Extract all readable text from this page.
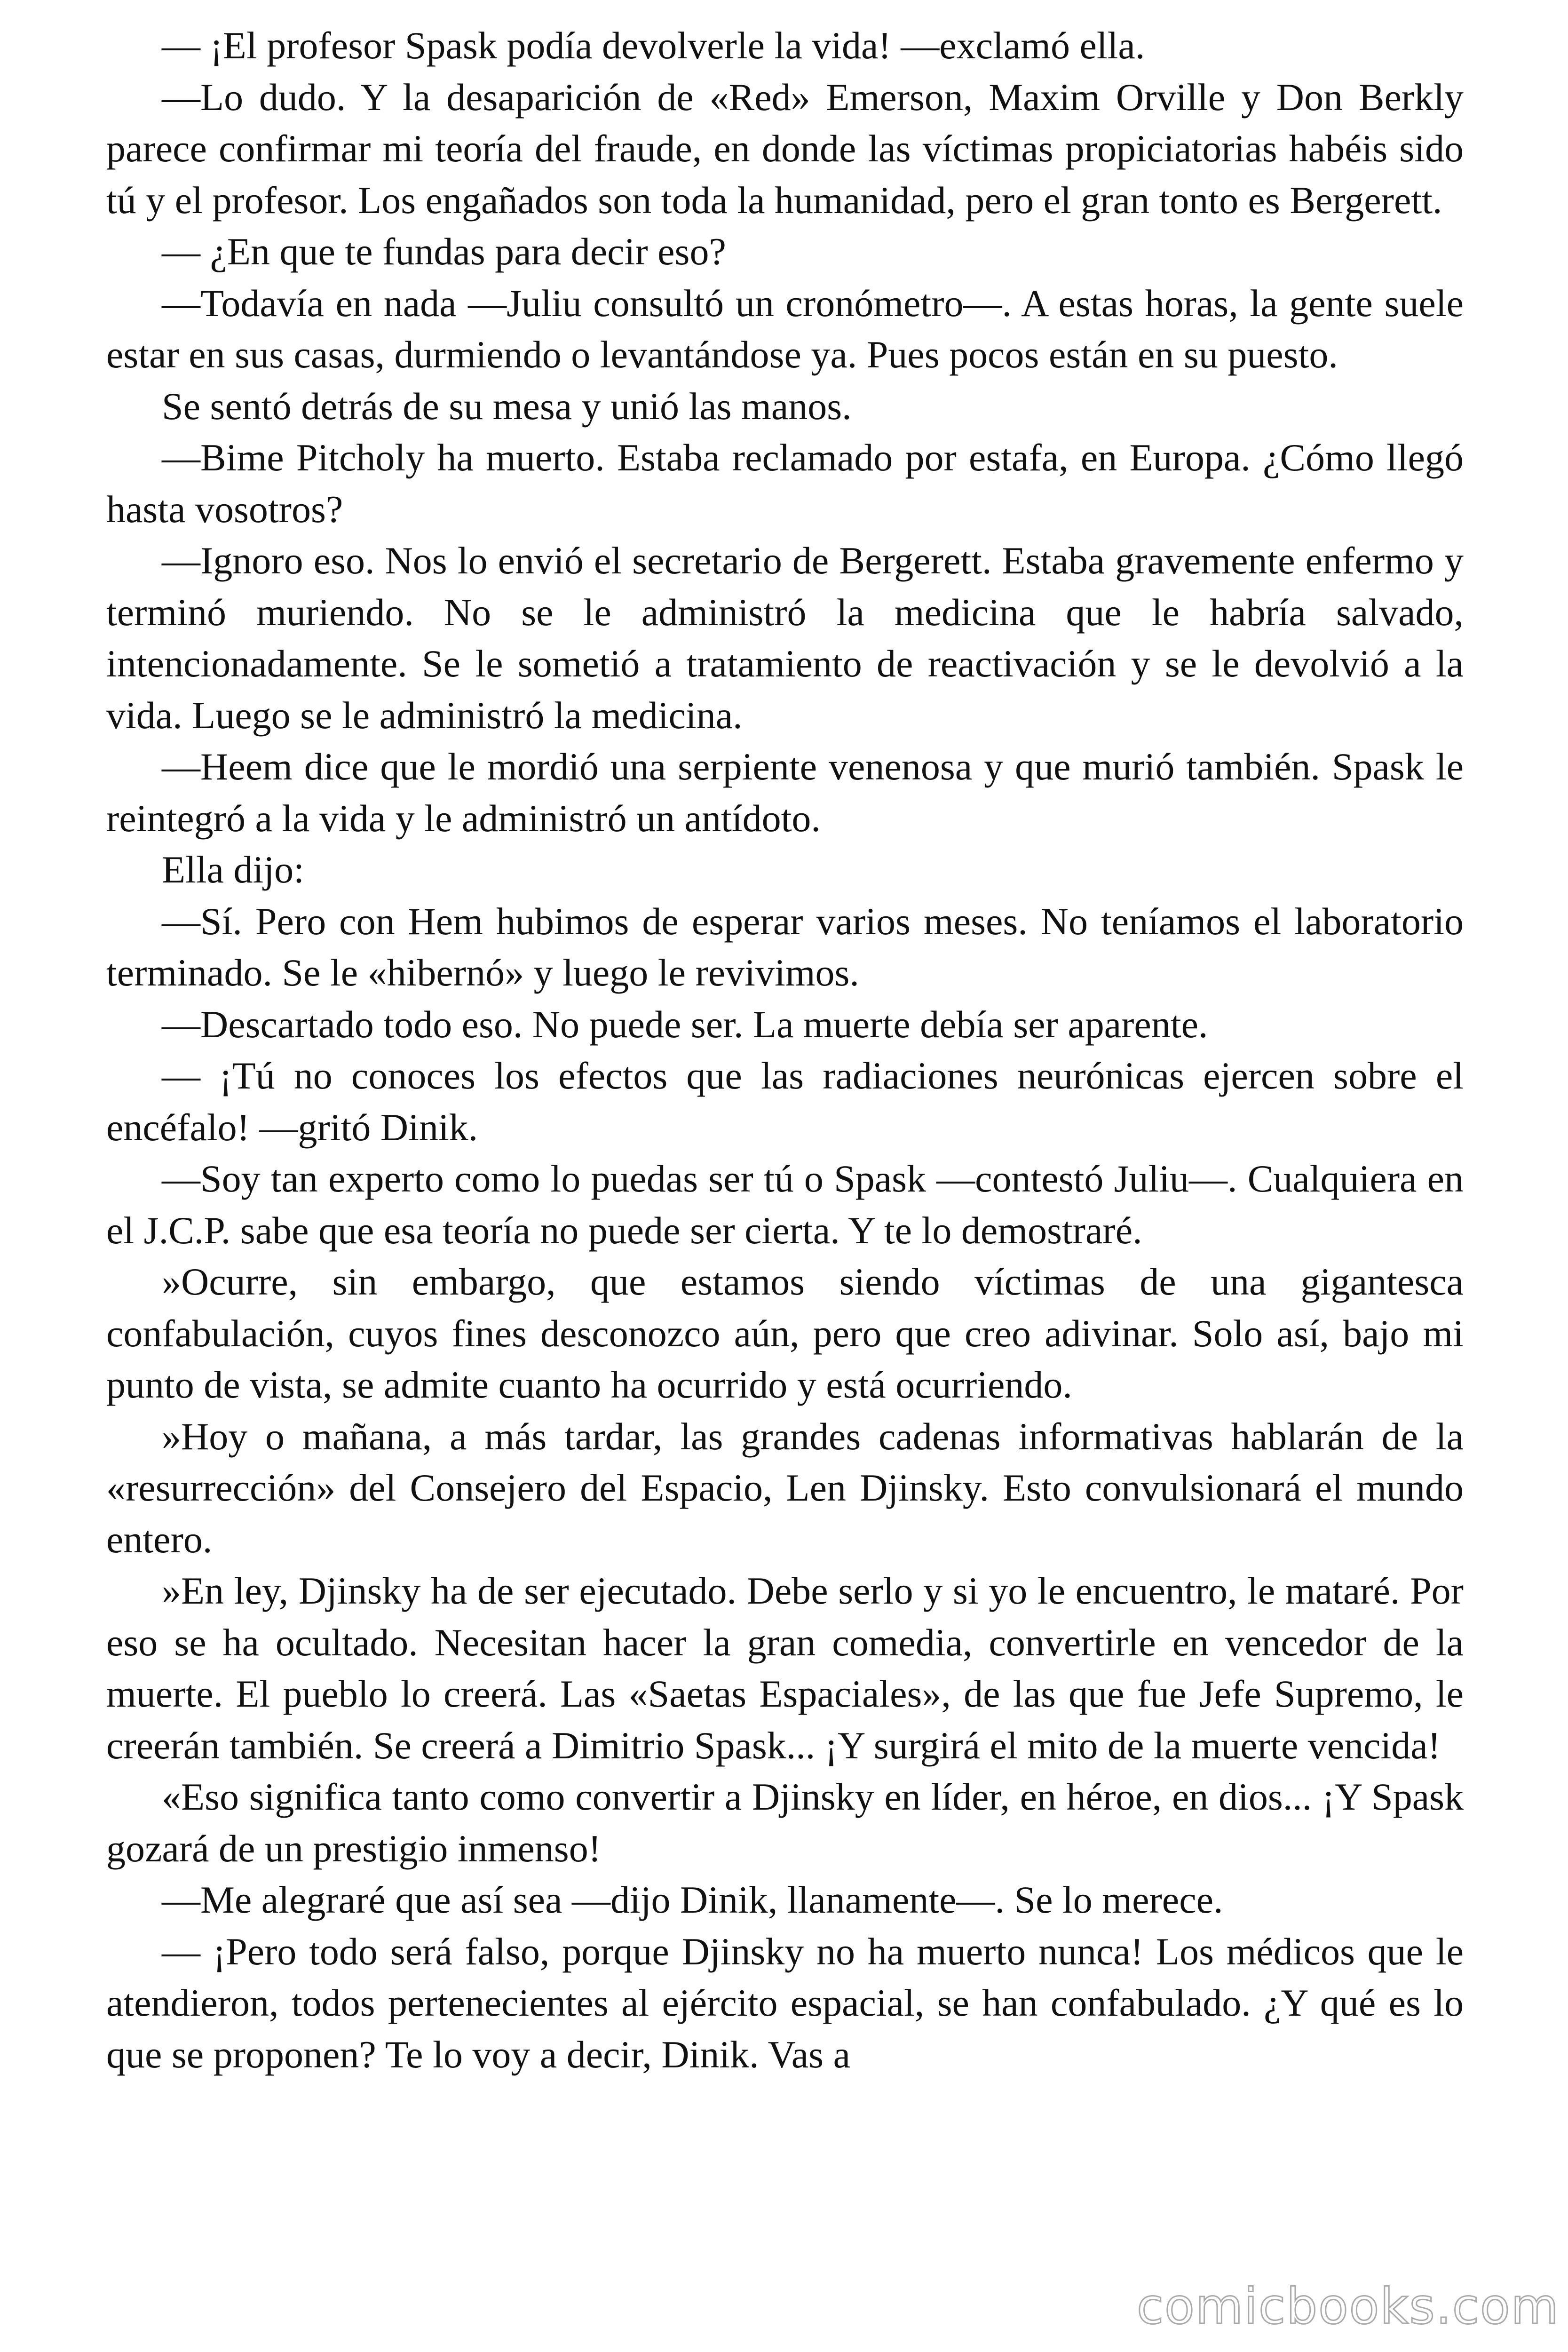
— ¡El profesor Spask podía devolverle la vida! —exclamó ella.

—Lo dudo. Y la desaparición de «Red» Emerson, Maxim Orville y Don Berkly parece confirmar mi teoría del fraude, en donde las víctimas propiciatorias habéis sido tú y el profesor. Los engañados son toda la humanidad, pero el gran tonto es Bergerett.

— ¿En que te fundas para decir eso?

—Todavía en nada —Juliu consultó un cronómetro—. A estas horas, la gente suele estar en sus casas, durmiendo o levantándose ya. Pues pocos están en su puesto.

Se sentó detrás de su mesa y unió las manos.

—Bime Pitcholy ha muerto. Estaba reclamado por estafa, en Europa. ¿Cómo llegó hasta vosotros?

—Ignoro eso. Nos lo envió el secretario de Bergerett. Estaba gravemente enfermo y terminó muriendo. No se le administró la medicina que le habría salvado, intencionadamente. Se le sometió a tratamiento de reactivación y se le devolvió a la vida. Luego se le administró la medicina.

—Heem dice que le mordió una serpiente venenosa y que murió también. Spask le reintegró a la vida y le administró un antídoto.

Ella dijo:

—Sí. Pero con Hem hubimos de esperar varios meses. No teníamos el laboratorio terminado. Se le «hibernó» y luego le revivimos.

—Descartado todo eso. No puede ser. La muerte debía ser aparente.

— ¡Tú no conoces los efectos que las radiaciones neurónicas ejercen sobre el encéfalo! —gritó Dinik.

—Soy tan experto como lo puedas ser tú o Spask —contestó Juliu—. Cualquiera en el J.C.P. sabe que esa teoría no puede ser cierta. Y te lo demostraré.

»Ocurre, sin embargo, que estamos siendo víctimas de una gigantesca confabulación, cuyos fines desconozco aún, pero que creo adivinar. Solo así, bajo mi punto de vista, se admite cuanto ha ocurrido y está ocurriendo.

»Hoy o mañana, a más tardar, las grandes cadenas informativas hablarán de la «resurrección» del Consejero del Espacio, Len Djinsky. Esto convulsionará el mundo entero.

»En ley, Djinsky ha de ser ejecutado. Debe serlo y si yo le encuentro, le mataré. Por eso se ha ocultado. Necesitan hacer la gran comedia, convertirle en vencedor de la muerte. El pueblo lo creerá. Las «Saetas Espaciales», de las que fue Jefe Supremo, le creerán también. Se creerá a Dimitrio Spask... ¡Y surgirá el mito de la muerte vencida!

«Eso significa tanto como convertir a Djinsky en líder, en héroe, en dios... ¡Y Spask gozará de un prestigio inmenso!

—Me alegraré que así sea —dijo Dinik, llanamente—. Se lo merece.

— ¡Pero todo será falso, porque Djinsky no ha muerto nunca! Los médicos que le atendieron, todos pertenecientes al ejército espacial, se han confabulado. ¿Y qué es lo que se proponen? Te lo voy a decir, Dinik. Vas a

comicbooks.com
